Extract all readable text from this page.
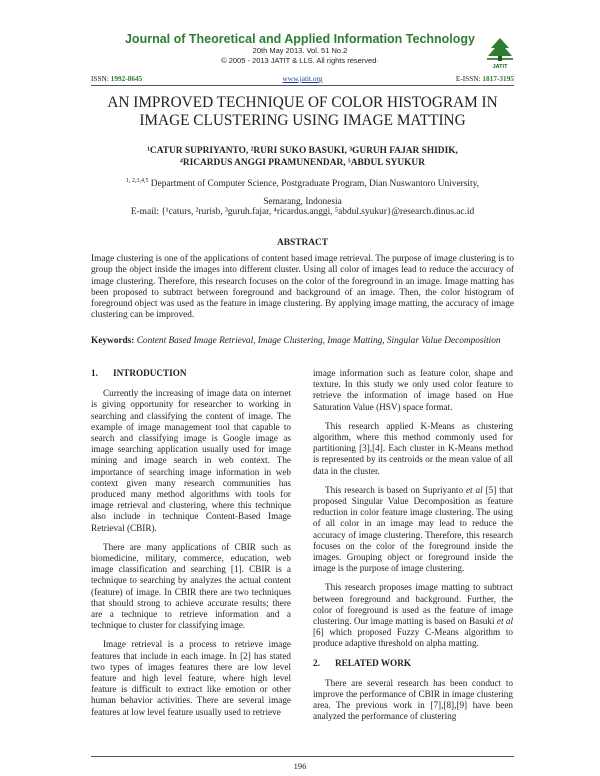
Journal of Theoretical and Applied Information Technology
20th May 2013. Vol. 51 No.2
© 2005 - 2013 JATIT & LLS. All rights reserved·
JATIT
ISSN: 1992-8645	www.jatit.org	E-ISSN: 1817-3195
AN IMPROVED TECHNIQUE OF COLOR HISTOGRAM IN IMAGE CLUSTERING USING IMAGE MATTING
¹CATUR SUPRIYANTO, ²RURI SUKO BASUKI, ³GURUH FAJAR SHIDIK,
⁴RICARDUS ANGGI PRAMUNENDAR, ⁵ABDUL SYUKUR
$^{1, 2,3,4,5}$ Department of Computer Science, Postgraduate Program, Dian Nuswantoro University,
Semarang, Indonesia
E-mail: {¹caturs, ²rurisb, ³guruh.fajar, ⁴ricardus.anggi, ⁵abdul.syukur}@research.dinus.ac.id
ABSTRACT

Image clustering is one of the applications of content based image retrieval. The purpose of image clustering is to group the object inside the images into different cluster. Using all color of images lead to reduce the accuracy of image clustering. Therefore, this research focuses on the color of the foreground in an image. Image matting has been proposed to subtract between foreground and background of an image. Then, the color histogram of foreground object was used as the feature in image clustering. By applying image matting, the accuracy of image clustering can be improved.

Keywords: Content Based Image Retrieval, Image Clustering, Image Matting, Singular Value Decomposition
1. INTRODUCTION

Currently the increasing of image data on internet is giving opportunity for researcher to working in searching and classifying the content of image. The example of image management tool that capable to search and classifying image is Google image as image searching application usually used for image mining and image search in web context. The importance of searching image information in web context given many research communities has produced many method algorithms with tools for image retrieval and clustering, where this technique also include in technique Content-Based Image Retrieval (CBIR).

There are many applications of CBIR such as biomedicine, military, commerce, education, web image classification and searching [1]. CBIR is a technique to searching by analyzes the actual content (feature) of image. In CBIR there are two techniques that should strong to achieve accurate results; there are a technique to retrieve information and a technique to cluster for classifying image.

Image retrieval is a process to retrieve image features that include in each image. In [2] has stated two types of images features there are low level feature and high level feature, where high level feature is difficult to extract like emotion or other human behavior activities. There are several image features at low level feature usually used to retrieve

image information such as feature color, shape and texture. In this study we only used color feature to retrieve the information of image based on Hue Saturation Value (HSV) space format.

This research applied K-Means as clustering algorithm, where this method commonly used for partitioning [3],[4]. Each cluster in K-Means method is represented by its centroids or the mean value of all data in the cluster.

This research is based on Supriyanto et al [5] that proposed Singular Value Decomposition as feature reduction in color feature image clustering. The using of all color in an image may lead to reduce the accuracy of image clustering. Therefore, this research focuses on the color of the foreground inside the images. Grouping object or foreground inside the image is the purpose of image clustering.

This research proposes image matting to subtract between foreground and background. Further, the color of foreground is used as the feature of image clustering. Our image matting is based on Basuki et al [6] which proposed Fuzzy C-Means algorithm to produce adaptive threshold on alpha matting.

2. RELATED WORK

There are several research has been conduct to improve the performance of CBIR in image clustering area. The previous work in [7],[8],[9] have been analyzed the performance of clustering

196
